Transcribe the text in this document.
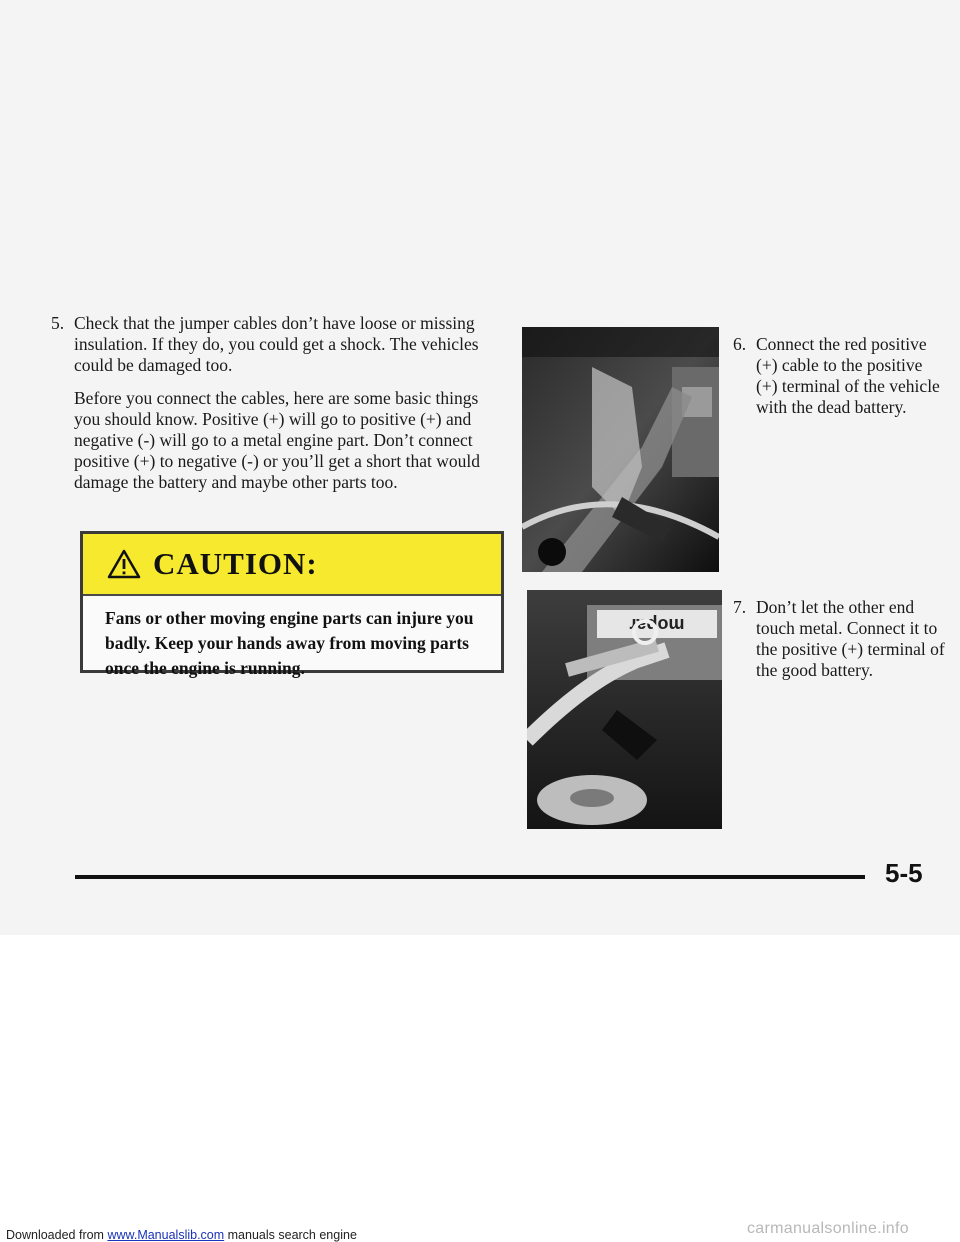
5. Check that the jumper cables don’t have loose or missing insulation. If they do, you could get a shock. The vehicles could be damaged too.

Before you connect the cables, here are some basic things you should know. Positive (+) will go to positive (+) and negative (-) will go to a metal engine part. Don’t connect positive (+) to negative (-) or you’ll get a short that would damage the battery and maybe other parts too.

CAUTION:
Fans or other moving engine parts can injure you badly. Keep your hands away from moving parts once the engine is running.
6. Connect the red positive (+) cable to the positive (+) terminal of the vehicle with the dead battery.

mopar
7. Don’t let the other end touch metal. Connect it to the positive (+) terminal of the good battery.

5-5
Downloaded from www.Manualslib.com manuals search engine	carmanualsonline.info
